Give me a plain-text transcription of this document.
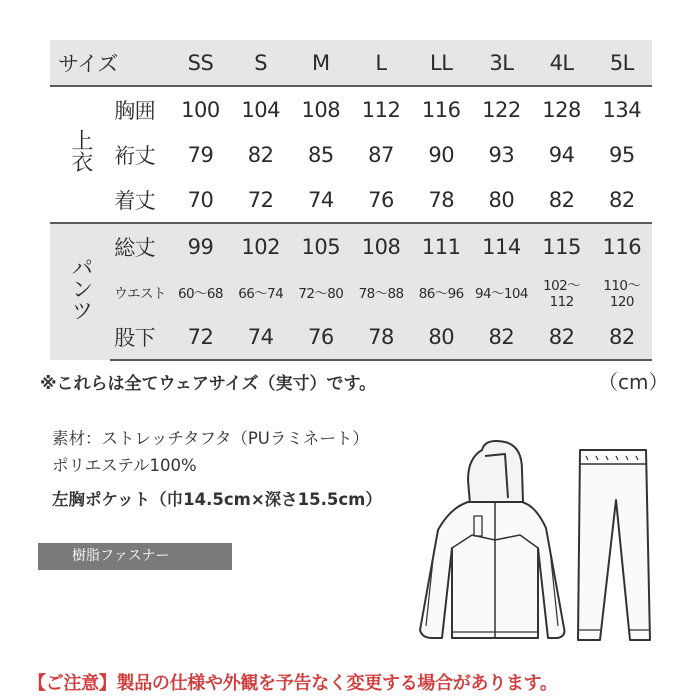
サイズ		SS	S	M	L	LL	3L	4L	5L
上衣	胸囲	100	104	108	112	116	122	128	134
	裄丈	79	82	85	87	90	93	94	95
	着丈	70	72	74	76	78	80	82	82
パンツ	総丈	99	102	105	108	111	114	115	116
	ウエスト	60〜68	66〜74	72〜80	78〜88	86〜96	94〜104	102〜112	110〜120
	股下	72	74	76	78	80	82	82	82
※これらは全てウェアサイズ（実寸）です。	（cm）
素材：ストレッチタフタ（PUラミネート）
ポリエステル100%
左胸ポケット（巾14.5cm×深さ15.5cm）
樹脂ファスナー
【ご注意】製品の仕様や外観を予告なく変更する場合があります。
